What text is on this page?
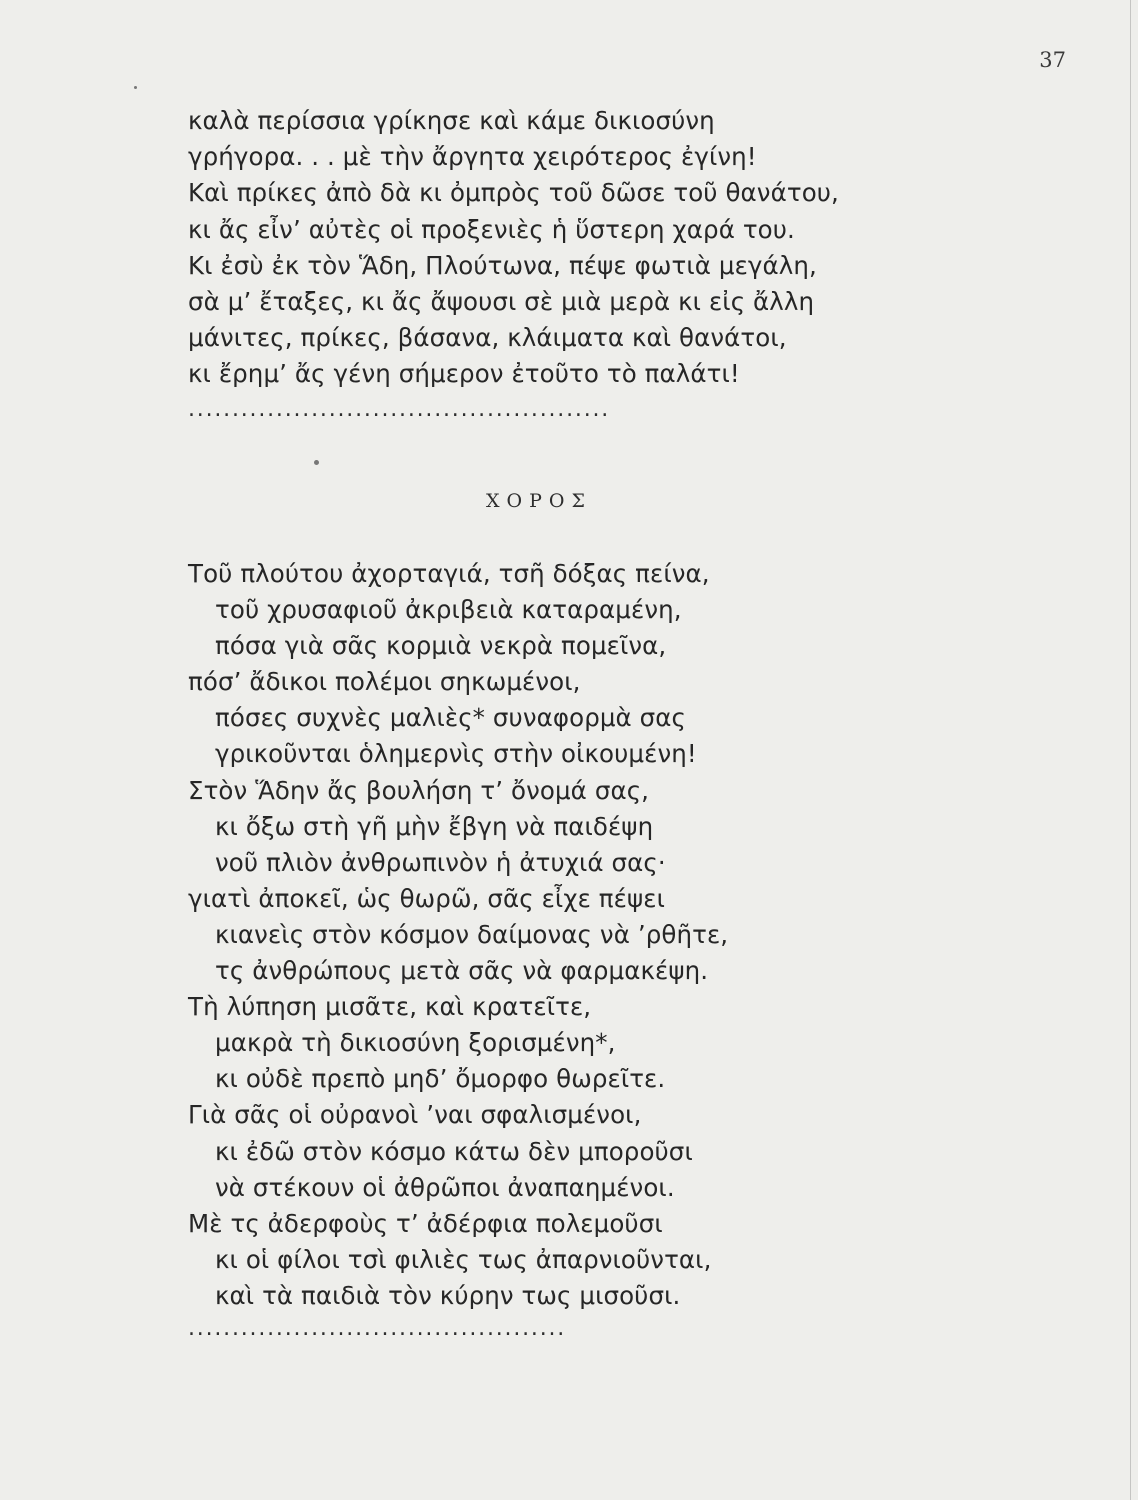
37
καλὰ περίσσια γρίκησε καὶ κάμε δικιοσύνη
γρήγορα. . . μὲ τὴν ἄργητα χειρότερος ἐγίνη!
Καὶ πρίκες ἀπὸ δὰ κι ὀμπρὸς τοῦ δῶσε τοῦ θανάτου,
κι ἄς εἶν’ αὐτὲς οἱ προξενιὲς ἡ ὕστερη χαρά του.
Κι ἐσὺ ἐκ τὸν Ἅδη, Πλούτωνα, πέψε φωτιὰ μεγάλη,
σὰ μ’ ἔταξες, κι ἄς ἄψουσι σὲ μιὰ μερὰ κι εἰς ἄλλη
μάνιτες, πρίκες, βάσανα, κλάιματα καὶ θανάτοι,
κι ἔρημ’ ἄς γένη σήμερον ἐτοῦτο τὸ παλάτι!
................................................
ΧΟΡΟΣ
Τοῦ πλούτου ἀχορταγιά, τσῆ δόξας πείνα,
τοῦ χρυσαφιοῦ ἀκριβειὰ καταραμένη,
πόσα γιὰ σᾶς κορμιὰ νεκρὰ πομεῖνα,
πόσ’ ἄδικοι πολέμοι σηκωμένοι,
πόσες συχνὲς μαλιὲς* συναφορμὰ σας
γρικοῦνται ὁλημερνὶς στὴν οἰκουμένη!
Στὸν Ἅδην ἄς βουλήση τ’ ὄνομά σας,
κι ὄξω στὴ γῆ μὴν ἔβγη νὰ παιδέψη
νοῦ πλιὸν ἀνθρωπινὸν ἡ ἀτυχιά σας·
γιατὶ ἀποκεῖ, ὡς θωρῶ, σᾶς εἶχε πέψει
κιανεὶς στὸν κόσμον δαίμονας νὰ ’ρθῆτε,
τς ἀνθρώπους μετὰ σᾶς νὰ φαρμακέψη.
Τὴ λύπηση μισᾶτε, καὶ κρατεῖτε,
μακρὰ τὴ δικιοσύνη ξορισμένη*,
κι οὐδὲ πρεπὸ μηδ’ ὄμορφο θωρεῖτε.
Γιὰ σᾶς οἱ οὐρανοὶ ’ναι σφαλισμένοι,
κι ἐδῶ στὸν κόσμο κάτω δὲν μποροῦσι
νὰ στέκουν οἱ ἀθρῶποι ἀναπαημένοι.
Μὲ τς ἀδερφοὺς τ’ ἀδέρφια πολεμοῦσι
κι οἱ φίλοι τσὶ φιλιὲς τως ἀπαρνιοῦνται,
καὶ τὰ παιδιὰ τὸν κύρην τως μισοῦσι.
...........................................
